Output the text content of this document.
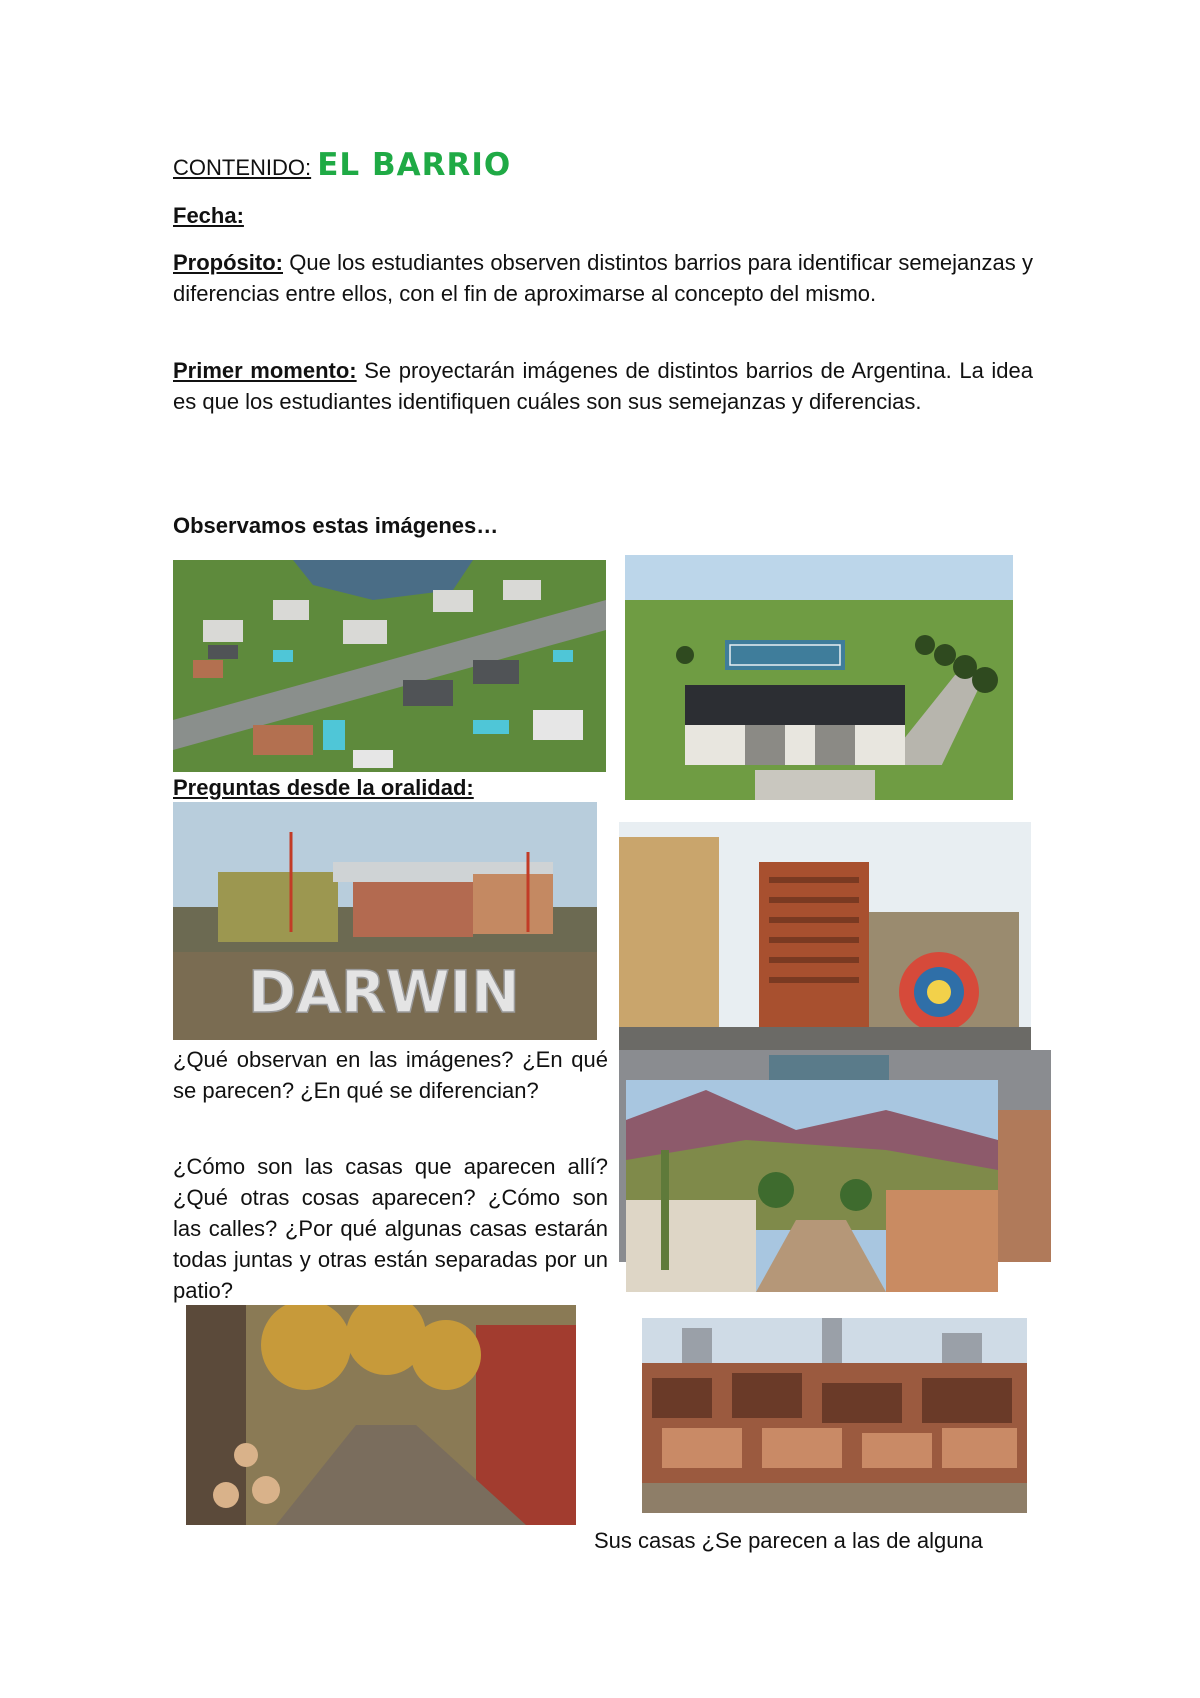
CONTENIDO: EL BARRIO
Fecha:
Propósito: Que los estudiantes observen distintos barrios para identificar semejanzas y diferencias entre ellos, con el fin de aproximarse al concepto del mismo.
Primer momento: Se proyectarán imágenes de distintos barrios de Argentina. La idea es que los estudiantes identifiquen cuáles son sus semejanzas y diferencias.
Observamos estas imágenes…
Preguntas desde la oralidad:
DARWIN
¿Qué observan en las imágenes? ¿En qué se parecen? ¿En qué se diferencian?
¿Cómo son las casas que aparecen allí? ¿Qué otras cosas aparecen? ¿Cómo son las calles? ¿Por qué algunas casas estarán todas juntas y otras están separadas por un patio?
Sus casas ¿Se parecen a las de alguna
